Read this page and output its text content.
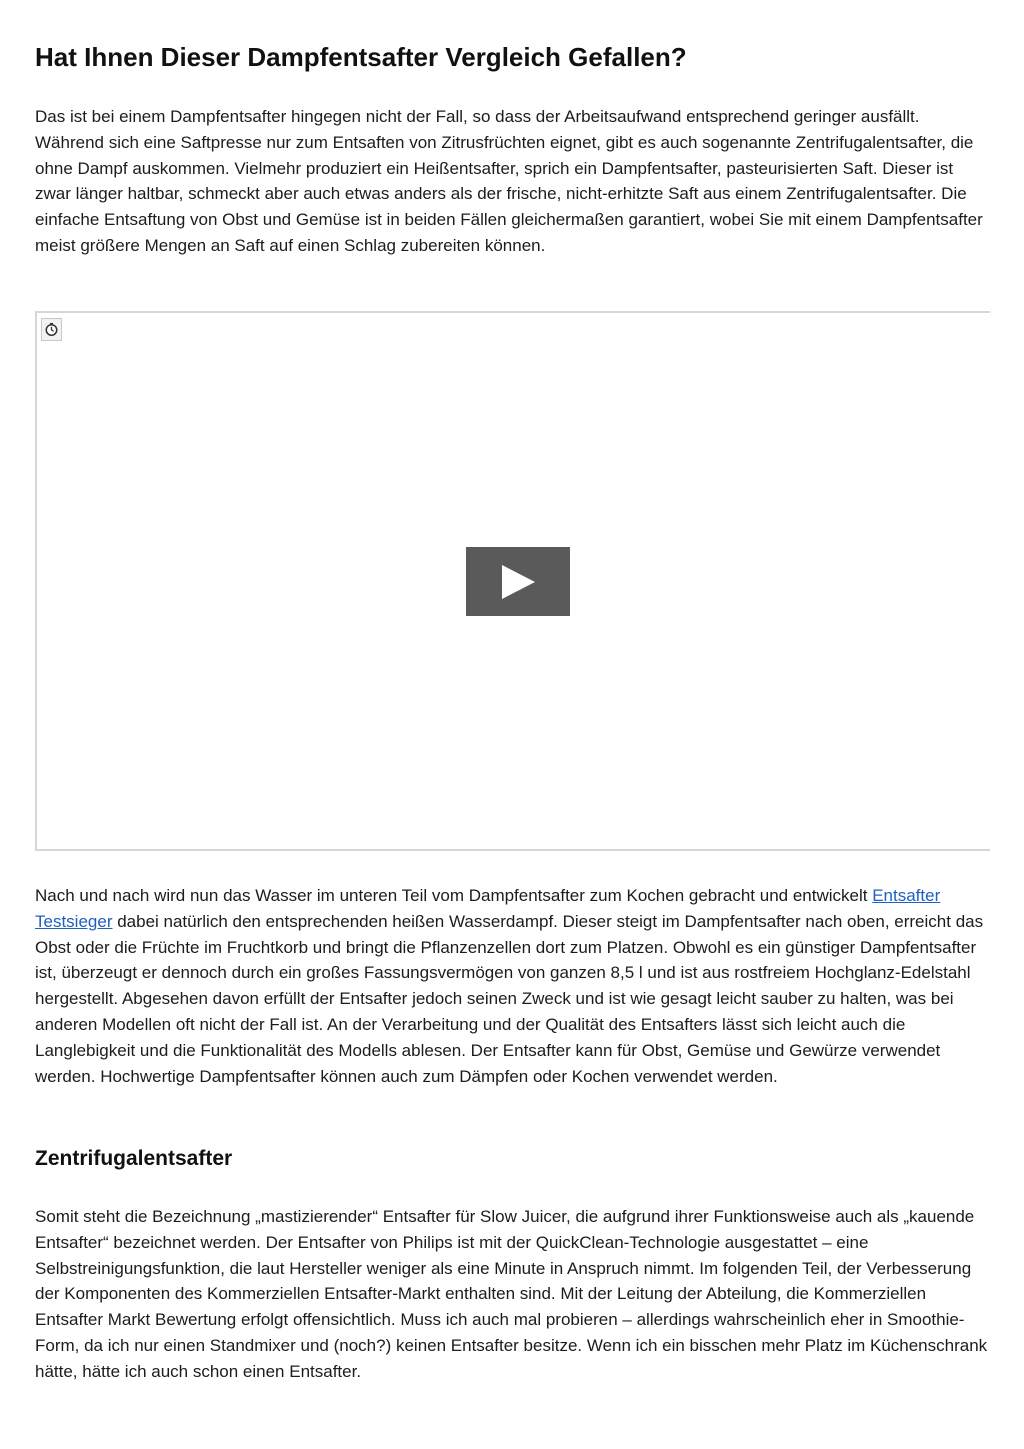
Hat Ihnen Dieser Dampfentsafter Vergleich Gefallen?

Das ist bei einem Dampfentsafter hingegen nicht der Fall, so dass der Arbeitsaufwand entsprechend geringer ausfällt. Während sich eine Saftpresse nur zum Entsaften von Zitrusfrüchten eignet, gibt es auch sogenannte Zentrifugalentsafter, die ohne Dampf auskommen. Vielmehr produziert ein Heißentsafter, sprich ein Dampfentsafter, pasteurisierten Saft. Dieser ist zwar länger haltbar, schmeckt aber auch etwas anders als der frische, nicht-erhitzte Saft aus einem Zentrifugalentsafter. Die einfache Entsaftung von Obst und Gemüse ist in beiden Fällen gleichermaßen garantiert, wobei Sie mit einem Dampfentsafter meist größere Mengen an Saft auf einen Schlag zubereiten können.

Nach und nach wird nun das Wasser im unteren Teil vom Dampfentsafter zum Kochen gebracht und entwickelt Entsafter Testsieger dabei natürlich den entsprechenden heißen Wasserdampf. Dieser steigt im Dampfentsafter nach oben, erreicht das Obst oder die Früchte im Fruchtkorb und bringt die Pflanzenzellen dort zum Platzen. Obwohl es ein günstiger Dampfentsafter ist, überzeugt er dennoch durch ein großes Fassungsvermögen von ganzen 8,5 l und ist aus rostfreiem Hochglanz-Edelstahl hergestellt. Abgesehen davon erfüllt der Entsafter jedoch seinen Zweck und ist wie gesagt leicht sauber zu halten, was bei anderen Modellen oft nicht der Fall ist. An der Verarbeitung und der Qualität des Entsafters lässt sich leicht auch die Langlebigkeit und die Funktionalität des Modells ablesen. Der Entsafter kann für Obst, Gemüse und Gewürze verwendet werden. Hochwertige Dampfentsafter können auch zum Dämpfen oder Kochen verwendet werden.

Zentrifugalentsafter

Somit steht die Bezeichnung „mastizierender“ Entsafter für Slow Juicer, die aufgrund ihrer Funktionsweise auch als „kauende Entsafter“ bezeichnet werden. Der Entsafter von Philips ist mit der QuickClean-Technologie ausgestattet – eine Selbstreinigungsfunktion, die laut Hersteller weniger als eine Minute in Anspruch nimmt. Im folgenden Teil, der Verbesserung der Komponenten des Kommerziellen Entsafter-Markt enthalten sind. Mit der Leitung der Abteilung, die Kommerziellen Entsafter Markt Bewertung erfolgt offensichtlich. Muss ich auch mal probieren – allerdings wahrscheinlich eher in Smoothie-Form, da ich nur einen Standmixer und (noch?) keinen Entsafter besitze. Wenn ich ein bisschen mehr Platz im Küchenschrank hätte, hätte ich auch schon einen Entsafter.
